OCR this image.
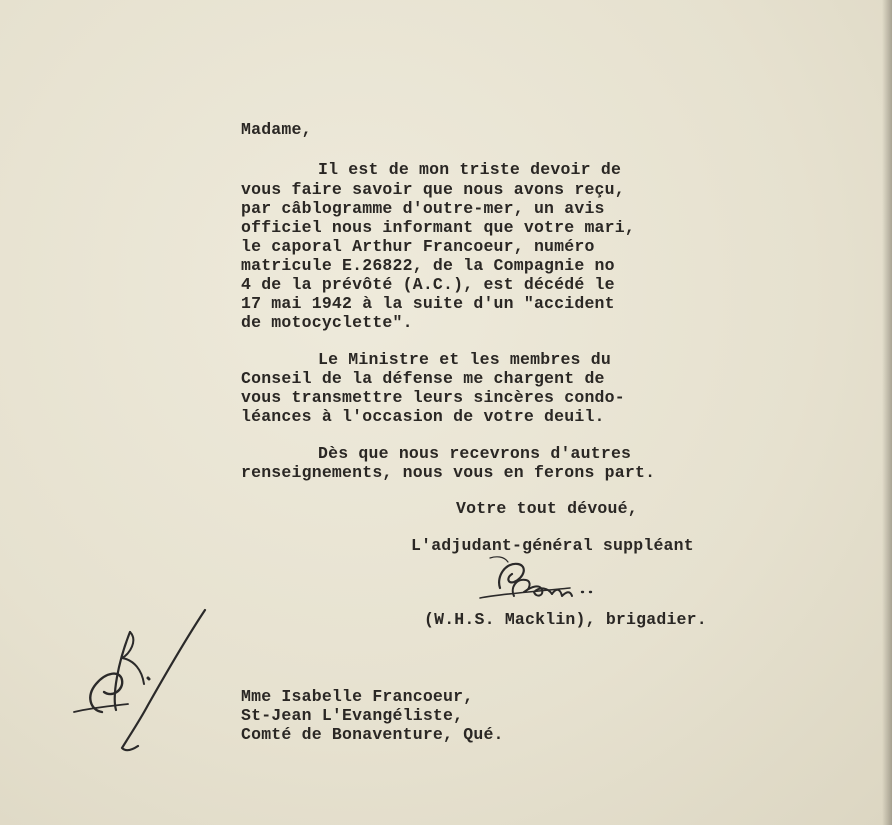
Madame,
Il est de mon triste devoir de
vous faire savoir que nous avons reçu,
par câblogramme d'outre-mer, un avis
officiel nous informant que votre mari,
le caporal Arthur Francoeur, numéro
matricule E.26822, de la Compagnie no
4 de la prévôté (A.C.), est décédé le
17 mai 1942 à la suite d'un "accident
de motocyclette".
Le Ministre et les membres du
Conseil de la défense me chargent de
vous transmettre leurs sincères condo-
léances à l'occasion de votre deuil.
Dès que nous recevrons d'autres
renseignements, nous vous en ferons part.
Votre tout dévoué,
L'adjudant-général suppléant
(W.H.S. Macklin), brigadier.
Mme Isabelle Francoeur,
St-Jean L'Evangéliste,
Comté de Bonaventure, Qué.
